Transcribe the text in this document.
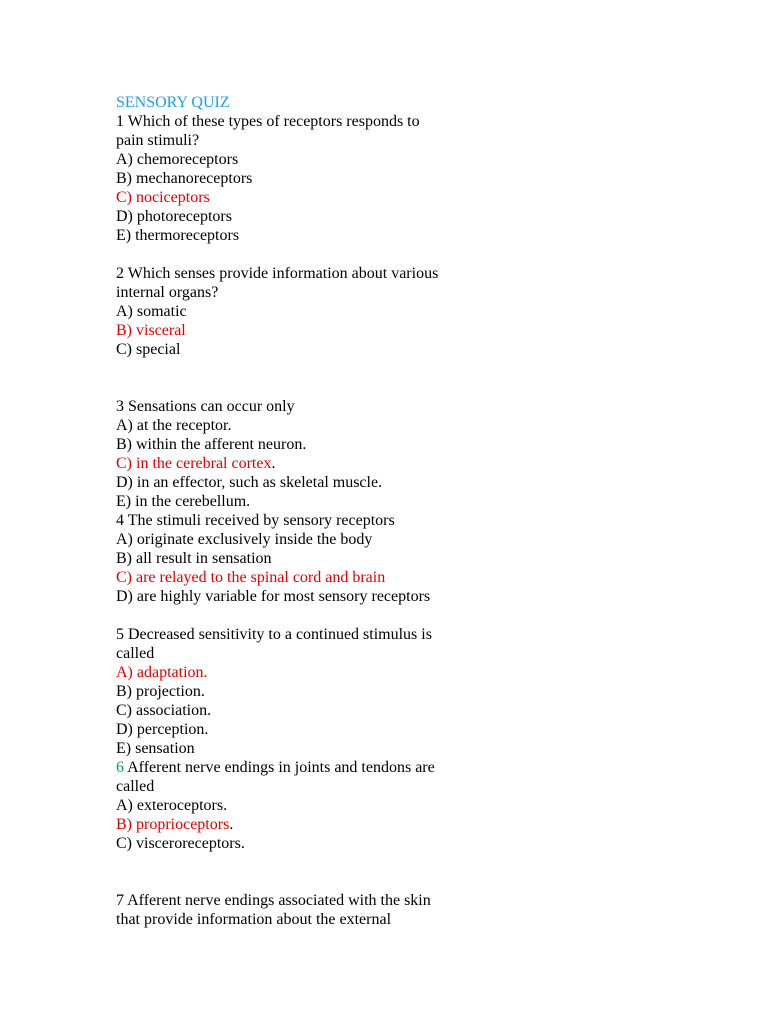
SENSORY QUIZ
1 Which of these types of receptors responds to
pain stimuli?
A) chemoreceptors
B) mechanoreceptors
C) nociceptors
D) photoreceptors
E) thermoreceptors
2 Which senses provide information about various
internal organs?
A) somatic
B) visceral
C) special
3 Sensations can occur only
A) at the receptor.
B) within the afferent neuron.
C) in the cerebral cortex.
D) in an effector, such as skeletal muscle.
E) in the cerebellum.
4 The stimuli received by sensory receptors
A) originate exclusively inside the body
B) all result in sensation
C) are relayed to the spinal cord and brain
D) are highly variable for most sensory receptors
5 Decreased sensitivity to a continued stimulus is
called
A) adaptation.
B) projection.
C) association.
D) perception.
E) sensation
6 Afferent nerve endings in joints and tendons are
called
A) exteroceptors.
B) proprioceptors.
C) visceroreceptors.
7 Afferent nerve endings associated with the skin
that provide information about the external
